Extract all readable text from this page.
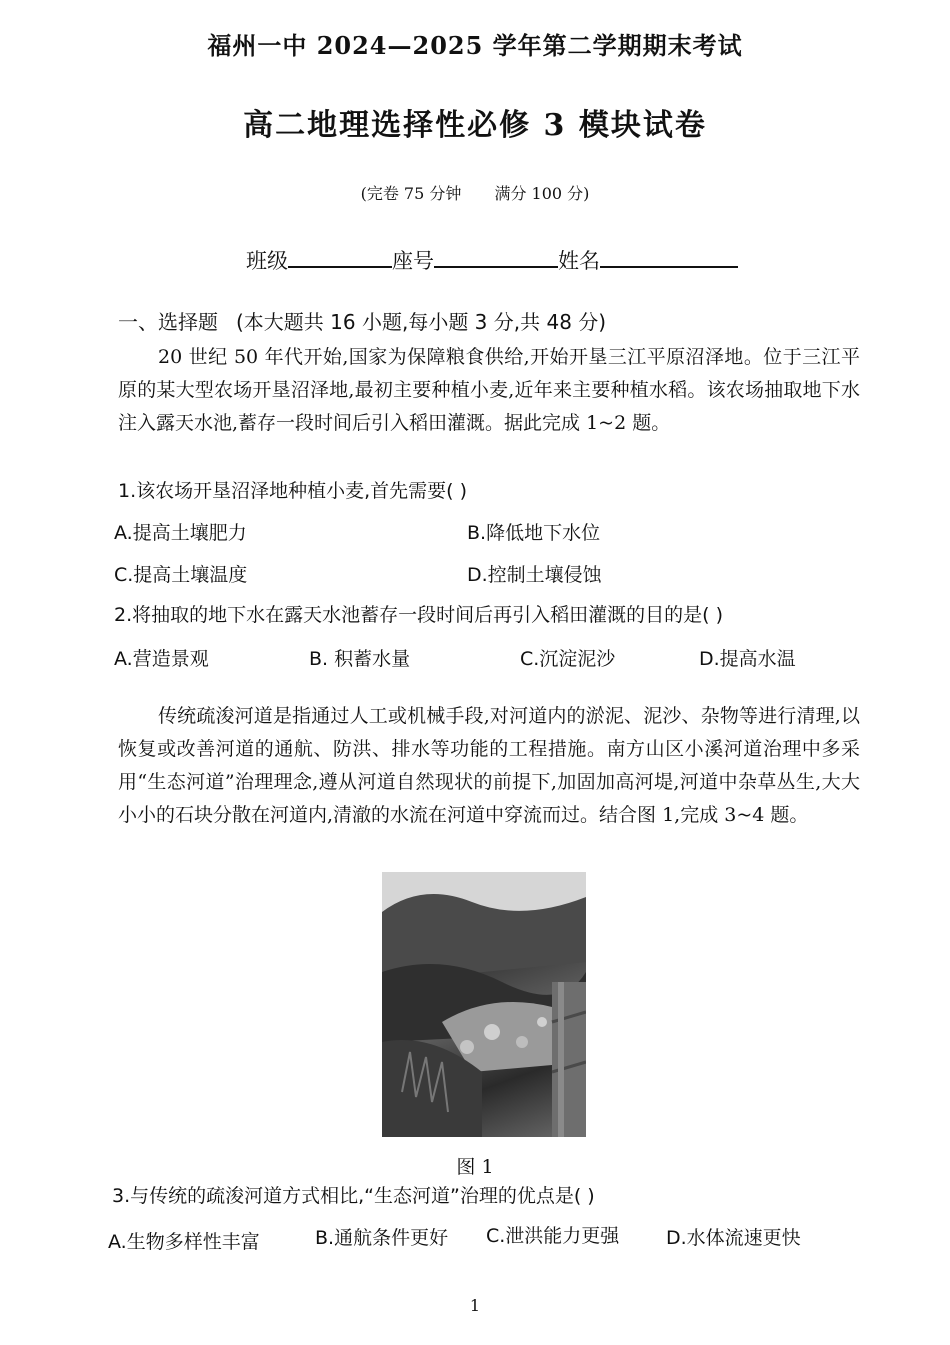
福州一中 2024—2025 学年第二学期期末考试
高二地理选择性必修 3 模块试卷
(完卷 75 分钟 满分 100 分)
班级	座号	姓名
一、选择题 (本大题共 16 小题,每小题 3 分,共 48 分)
20 世纪 50 年代开始,国家为保障粮食供给,开始开垦三江平原沼泽地。位于三江平原的某大型农场开垦沼泽地,最初主要种植小麦,近年来主要种植水稻。该农场抽取地下水注入露天水池,蓄存一段时间后引入稻田灌溉。据此完成 1~2 题。
1.该农场开垦沼泽地种植小麦,首先需要( )
A.提高土壤肥力	B.降低地下水位
C.提高土壤温度	D.控制土壤侵蚀
2.将抽取的地下水在露天水池蓄存一段时间后再引入稻田灌溉的目的是( )
A.营造景观	B. 积蓄水量	C.沉淀泥沙	D.提高水温
传统疏浚河道是指通过人工或机械手段,对河道内的淤泥、泥沙、杂物等进行清理,以恢复或改善河道的通航、防洪、排水等功能的工程措施。南方山区小溪河道治理中多采用“生态河道”治理理念,遵从河道自然现状的前提下,加固加高河堤,河道中杂草丛生,大大小小的石块分散在河道内,清澈的水流在河道中穿流而过。结合图 1,完成 3~4 题。
图 1
3.与传统的疏浚河道方式相比,“生态河道”治理的优点是( )
A.生物多样性丰富	B.通航条件更好 C.泄洪能力更强 D.水体流速更快
1
